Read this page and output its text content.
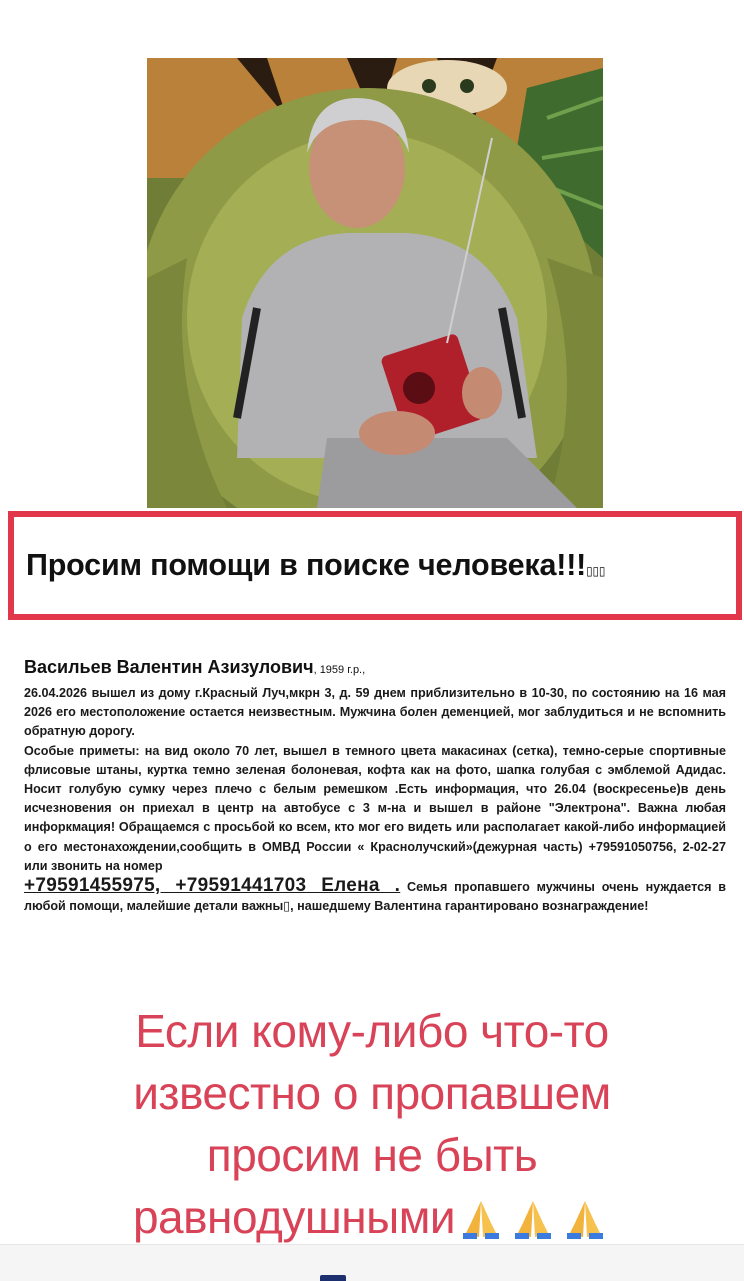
Просим помощи в поиске человека!!!▯▯▯

Васильев Валентин Азизулович, 1959 г.р.,

26.04.2026 вышел из дому г.Красный Луч,мкрн 3, д. 59 днем приблизительно в 10-30, по состоянию на 16 мая 2026 его местоположение остается неизвестным. Мужчина болен деменцией, мог заблудиться и не вспомнить обратную дорогу.

Особые приметы: на вид около 70 лет, вышел в темного цвета макасинах (сетка), темно-серые спортивные флисовые штаны, куртка темно зеленая болоневая, кофта как на фото, шапка голубая с эмблемой Адидас. Носит голубую сумку через плечо с белым ремешком .Есть информация, что 26.04 (воскресенье)в день исчезновения он приехал в центр на автобусе с 3 м-на и вышел в районе "Электрона". Важна любая инфоркмация! Обращаемся с просьбой ко всем, кто мог его видеть или располагает какой-либо информацией о его местонахождении,сообщить в ОМВД России « Краснолучский»(дежурная часть) +79591050756, 2-02-27 или звонить на номер
+79591455975, +79591441703 Елена . Семья пропавшего мужчины очень нуждается в любой помощи, малейшие детали важны▯, нашедшему Валентина гарантировано вознаграждение!

Если кому-либо что-то
известно о пропавшем
просим не быть
равнодушными
